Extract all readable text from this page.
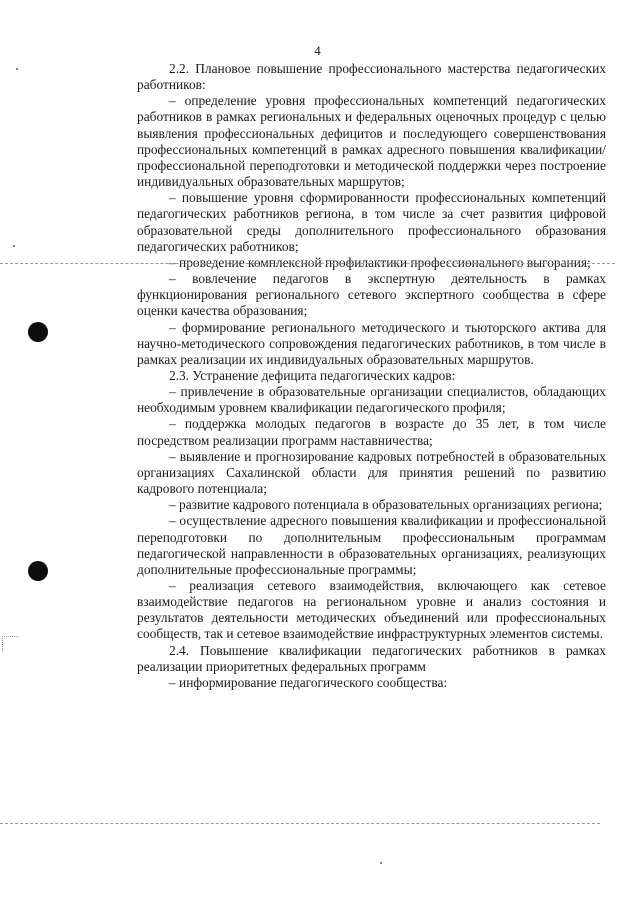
4

2.2. Плановое повышение профессионального мастерства педагогических работников:

– определение уровня профессиональных компетенций педагогических работников в рамках региональных и федеральных оценочных процедур с целью выявления профессиональных дефицитов и последующего совершенствования профессиональных компетенций в рамках адресного повышения квалификации/профессиональной переподготовки и методической поддержки через построение индивидуальных образовательных маршрутов;

– повышение уровня сформированности профессиональных компетенций педагогических работников региона, в том числе за счет развития цифровой образовательной среды дополнительного профессионального образования педагогических работников;

– проведение комплексной профилактики профессионального выгорания;

– вовлечение педагогов в экспертную деятельность в рамках функционирования регионального сетевого экспертного сообщества в сфере оценки качества образования;

– формирование регионального методического и тьюторского актива для научно-методического сопровождения педагогических работников, в том числе в рамках реализации их индивидуальных образовательных маршрутов.

2.3. Устранение дефицита педагогических кадров:

– привлечение в образовательные организации специалистов, обладающих необходимым уровнем квалификации педагогического профиля;

– поддержка молодых педагогов в возрасте до 35 лет, в том числе посредством реализации программ наставничества;

– выявление и прогнозирование кадровых потребностей в образовательных организациях Сахалинской области для принятия решений по развитию кадрового потенциала;

– развитие кадрового потенциала в образовательных организациях региона;

– осуществление адресного повышения квалификации и профессиональной переподготовки по дополнительным профессиональным программам педагогической направленности в образовательных организациях, реализующих дополнительные профессиональные программы;

– реализация сетевого взаимодействия, включающего как сетевое взаимодействие педагогов на региональном уровне и анализ состояния и результатов деятельности методических объединений или профессиональных сообществ, так и сетевое взаимодействие инфраструктурных элементов системы.

2.4. Повышение квалификации педагогических работников в рамках реализации приоритетных федеральных программ

– информирование педагогического сообщества:
